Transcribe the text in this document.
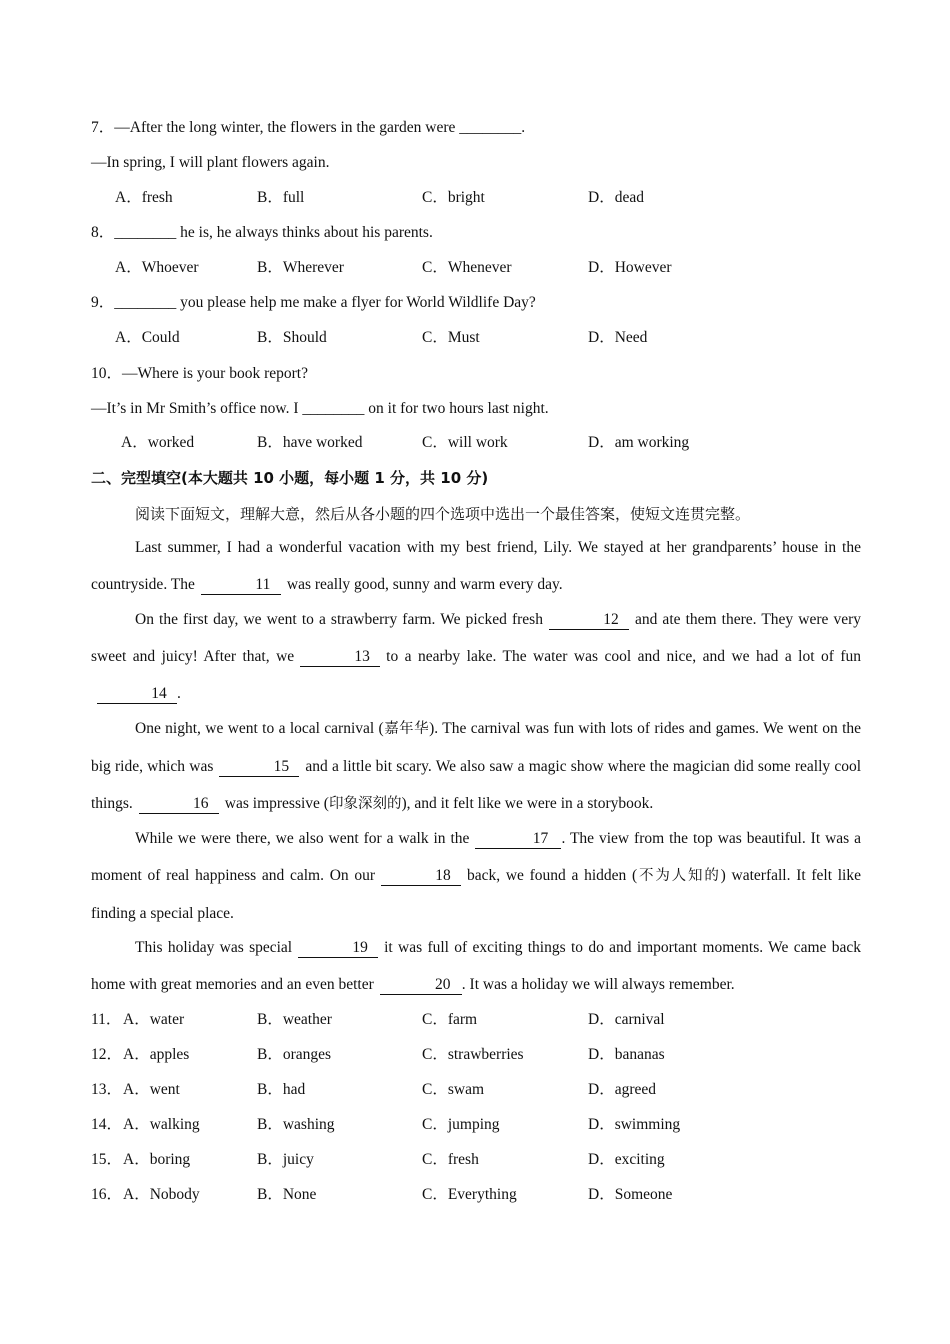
7．—After the long winter, the flowers in the garden were ________.
—In spring, I will plant flowers again.
A．fresh	B．full	C．bright	D．dead
8．________ he is, he always thinks about his parents.
A．Whoever	B．Wherever	C．Whenever	D．However
9．________ you please help me make a flyer for World Wildlife Day?
A．Could	B．Should	C．Must	D．Need
10．—Where is your book report?
—It’s in Mr Smith’s office now. I ________ on it for two hours last night.
A．worked	B．have worked	C．will work	D．am working
二、完型填空(本大题共 10 小题，每小题 1 分，共 10 分)
阅读下面短文，理解大意，然后从各小题的四个选项中选出一个最佳答案，使短文连贯完整。
Last summer, I had a wonderful vacation with my best friend, Lily. We stayed at her grandparents’ house in the countryside. The	11 was really good, sunny and warm every day.
On the first day, we went to a strawberry farm. We picked fresh	12 and ate them there. They were very sweet and juicy! After that, we	13 to a nearby lake. The water was cool and nice, and we had a lot of fun14 .
One night, we went to a local carnival (嘉年华). The carnival was fun with lots of rides and games. We went on the big ride, which was	15 and a little bit scary. We also saw a magic show where the magician did some really cool things.	16 was impressive (印象深刻的), and it felt like we were in a storybook.
While we were there, we also went for a walk in the	17 . The view from the top was beautiful. It was a moment of real happiness and calm. On our	18 back, we found a hidden (不为人知的) waterfall. It felt like finding a special place.
This holiday was special	19 it was full of exciting things to do and important moments. We came back home with great memories and an even better	20 . It was a holiday we will always remember.
11． A．water	B．weather	C．farm	D．carnival
12． A．apples	B．oranges	C．strawberries	D．bananas
13． A．went	B．had	C．swam	D．agreed
14． A．walking	B．washing	C．jumping	D．swimming
15． A．boring	B．juicy	C．fresh	D．exciting
16． A．Nobody	B．None	C．Everything	D．Someone
